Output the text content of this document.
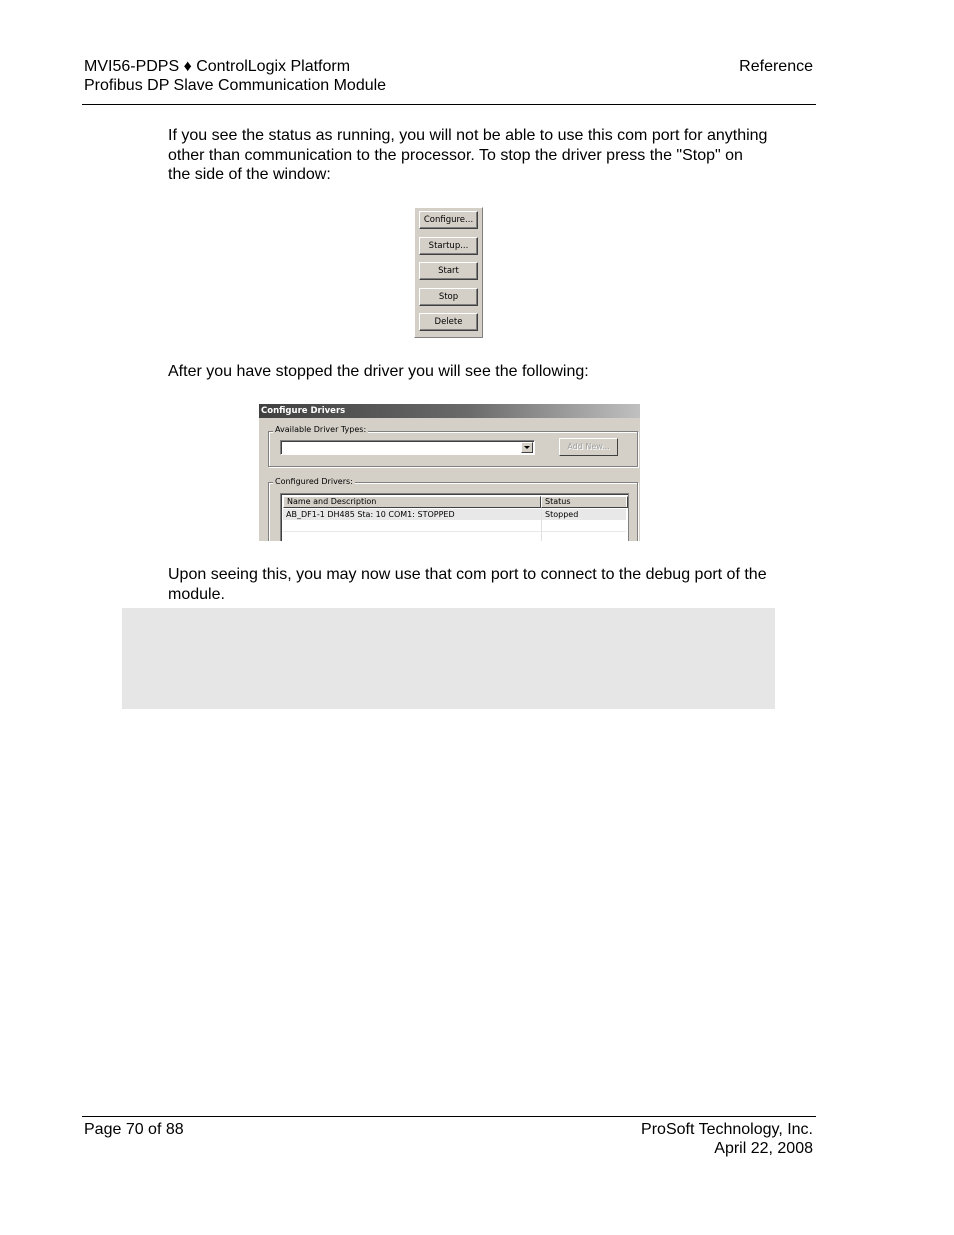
MVI56-PDPS ♦ ControlLogix Platform
Profibus DP Slave Communication Module
Reference

If you see the status as running, you will not be able to use this com port for anything other than communication to the processor. To stop the driver press the "Stop" on the side of the window:

Configure...
Startup...
Start
Stop
Delete

After you have stopped the driver you will see the following:

Configure Drivers
Available Driver Types:
Add New...
Configured Drivers:
Name and Description	Status
AB_DF1-1 DH485 Sta: 10 COM1: STOPPED	Stopped

Upon seeing this, you may now use that com port to connect to the debug port of the module.

Page 70 of 88	ProSoft Technology, Inc.
April 22, 2008
